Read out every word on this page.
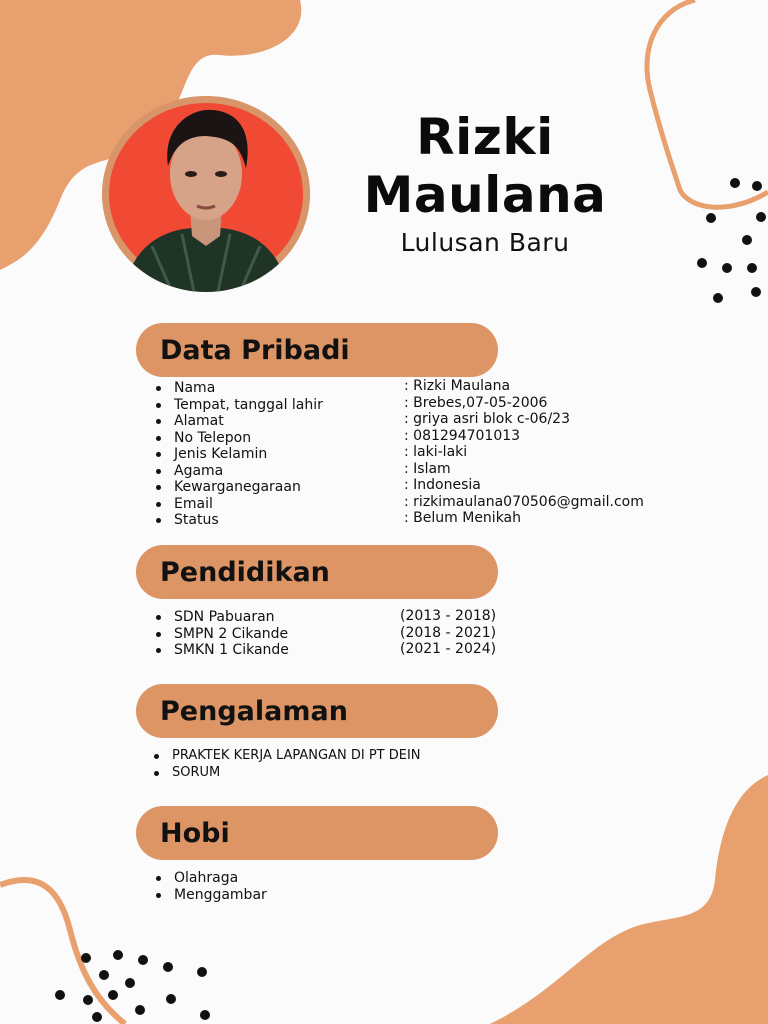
Rizki
Maulana
Lulusan Baru
Data Pribadi
Nama
Tempat, tanggal lahir
Alamat
No Telepon
Jenis Kelamin
Agama
Kewarganegaraan
Email
Status
: Rizki Maulana
: Brebes,07-05-2006
: griya asri blok c-06/23
: 081294701013
: laki-laki
: Islam
: Indonesia
: rizkimaulana070506@gmail.com
: Belum Menikah
Pendidikan
SDN Pabuaran
SMPN 2 Cikande
SMKN 1 Cikande
(2013 - 2018)
(2018 - 2021)
(2021 - 2024)
Pengalaman
PRAKTEK KERJA LAPANGAN DI PT DEIN
SORUM
Hobi
Olahraga
Menggambar
